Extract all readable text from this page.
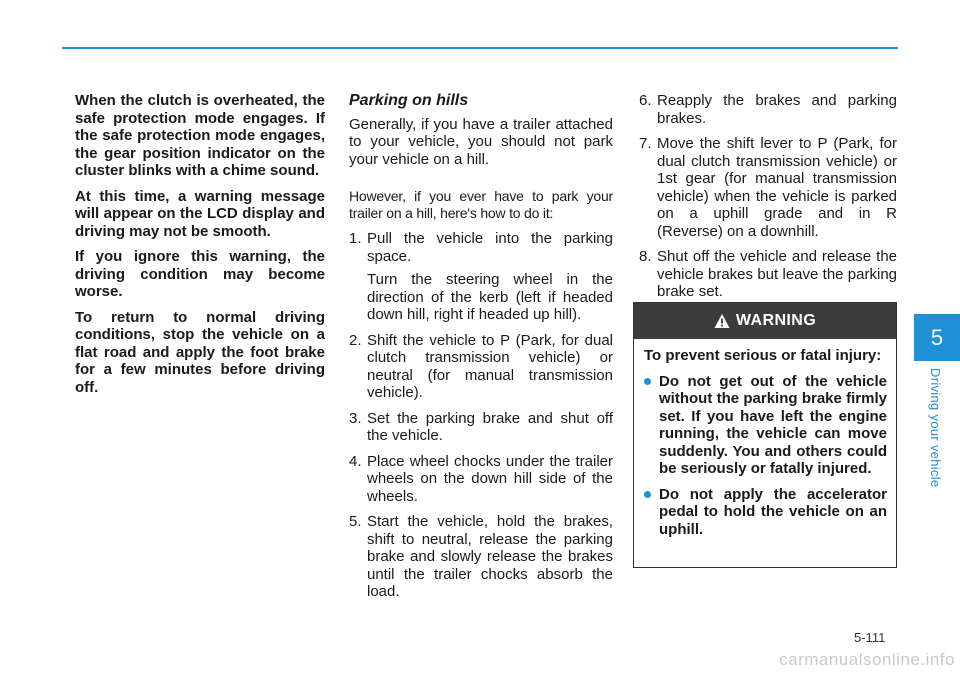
When the clutch is overheated, the safe protection mode engages. If the safe protection mode engages, the gear position indicator on the cluster blinks with a chime sound.

At this time, a warning message will appear on the LCD display and driving may not be smooth.

If you ignore this warning, the driving condition may become worse.

To return to normal driving conditions, stop the vehicle on a flat road and apply the foot brake for a few minutes before driving off.

Parking on hills

Generally, if you have a trailer attached to your vehicle, you should not park your vehicle on a hill.

However, if you ever have to park your trailer on a hill, here's how to do it:

1. Pull the vehicle into the parking space.
Turn the steering wheel in the direction of the kerb (left if headed down hill, right if headed up hill).
2. Shift the vehicle to P (Park, for dual clutch transmission vehicle) or neutral (for manual transmission vehicle).
3. Set the parking brake and shut off the vehicle.
4. Place wheel chocks under the trailer wheels on the down hill side of the wheels.
5. Start the vehicle, hold the brakes, shift to neutral, release the parking brake and slowly release the brakes until the trailer chocks absorb the load.
6. Reapply the brakes and parking brakes.
7. Move the shift lever to P (Park, for dual clutch transmission vehicle) or 1st gear (for manual transmission vehicle) when the vehicle is parked on a uphill grade and in R (Reverse) on a downhill.
8. Shut off the vehicle and release the vehicle brakes but leave the parking brake set.
WARNING

To prevent serious or fatal injury:

Do not get out of the vehicle without the parking brake firmly set. If you have left the engine running, the vehicle can move suddenly. You and others could be seriously or fatally injured.
Do not apply the accelerator pedal to hold the vehicle on an uphill.
5
Driving your vehicle
5-111
carmanualsonline.info
